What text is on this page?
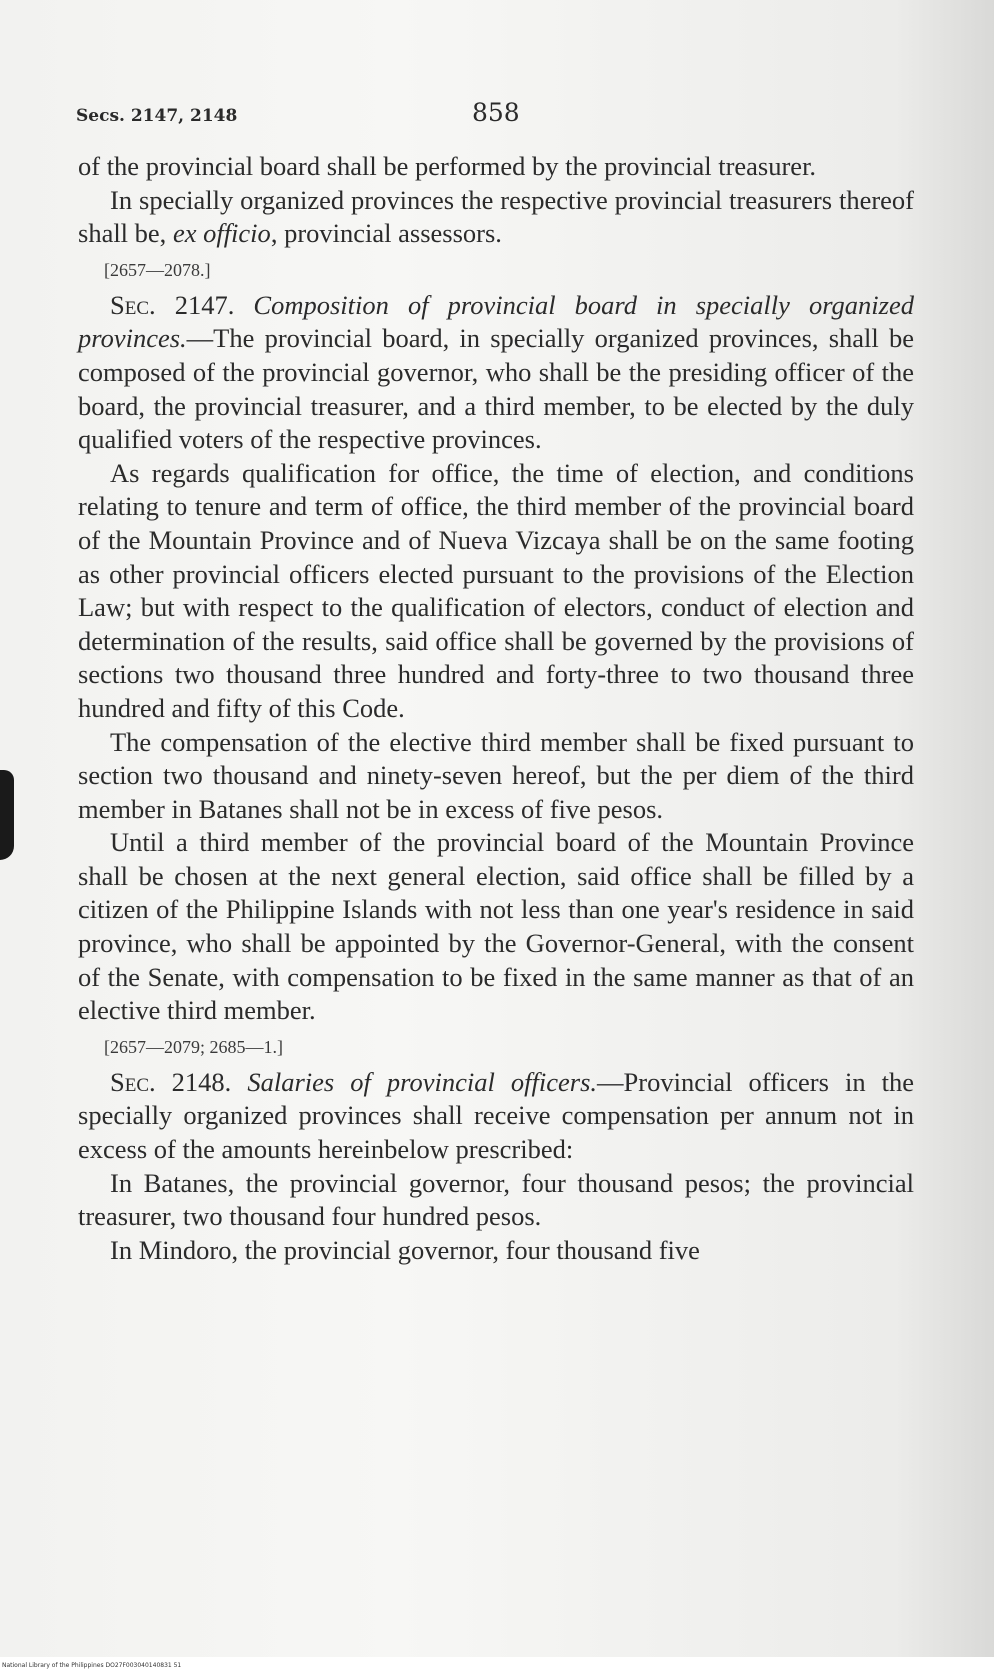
Secs. 2147, 2148	858

of the provincial board shall be performed by the provincial treasurer.

In specially organized provinces the respective provincial treasurers thereof shall be, ex officio, provincial assessors.

[2657—2078.]

Sec. 2147. Composition of provincial board in specially organized provinces.—The provincial board, in specially organized provinces, shall be composed of the provincial governor, who shall be the presiding officer of the board, the provincial treasurer, and a third member, to be elected by the duly qualified voters of the respective provinces.

As regards qualification for office, the time of election, and conditions relating to tenure and term of office, the third member of the provincial board of the Mountain Province and of Nueva Vizcaya shall be on the same footing as other provincial officers elected pursuant to the provisions of the Election Law; but with respect to the qualification of electors, conduct of election and determination of the results, said office shall be governed by the provisions of sections two thousand three hundred and forty-three to two thousand three hundred and fifty of this Code.

The compensation of the elective third member shall be fixed pursuant to section two thousand and ninety-seven hereof, but the per diem of the third member in Batanes shall not be in excess of five pesos.

Until a third member of the provincial board of the Mountain Province shall be chosen at the next general election, said office shall be filled by a citizen of the Philippine Islands with not less than one year's residence in said province, who shall be appointed by the Governor-General, with the consent of the Senate, with compensation to be fixed in the same manner as that of an elective third member.

[2657—2079; 2685—1.]

Sec. 2148. Salaries of provincial officers.—Provincial officers in the specially organized provinces shall receive compensation per annum not in excess of the amounts hereinbelow prescribed:

In Batanes, the provincial governor, four thousand pesos; the provincial treasurer, two thousand four hundred pesos.

In Mindoro, the provincial governor, four thousand five

National Library of the Philippines DO27F003040140831 51
